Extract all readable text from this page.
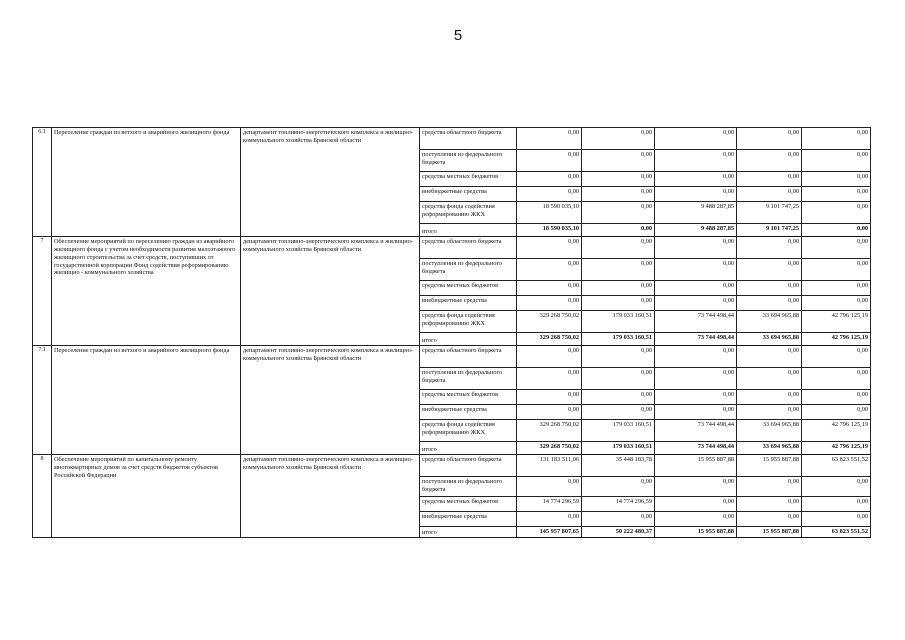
5
6.1	Переселение граждан из ветхого и аварийного жилищного фонда	департамент топливно-энергетического комплекса и жилищно-коммунального хозяйства Брянской области	средства областного бюджета	0,00	0,00	0,00	0,00	0,00
			поступления из федерального бюджета	0,00	0,00	0,00	0,00	0,00
			средства местных бюджетов	0,00	0,00	0,00	0,00	0,00
			внебюджетные средства	0,00	0,00	0,00	0,00	0,00
			средства фонда содействия реформированию ЖКХ	18 590 035,10	0,00	9 488 287,85	9 101 747,25	0,00
			итого	18 590 035,10	0,00	9 488 287,85	9 101 747,25	0,00
7	Обеспечение мероприятий по переселению граждан из аварийного жилищного фонда с учетом необходимости развития малоэтажного жилищного строительства за счет средств, поступивших от государственной корпорации Фонд содействия реформированию жилищно - коммунального хозяйства	департамент топливно-энергетического комплекса и жилищно-коммунального хозяйства Брянской области	средства областного бюджета	0,00	0,00	0,00	0,00	0,00
			поступления из федерального бюджета	0,00	0,00	0,00	0,00	0,00
			средства местных бюджетов	0,00	0,00	0,00	0,00	0,00
			внебюджетные средства	0,00	0,00	0,00	0,00	0,00
			средства фонда содействия реформированию ЖКХ	329 268 750,02	179 033 160,51	73 744 498,44	33 694 965,88	42 796 125,19
			итого	329 268 750,02	179 033 160,51	73 744 498,44	33 694 965,88	42 796 125,19
7.1	Переселение граждан из ветхого и аварийного жилищного фонда	департамент топливно-энергетического комплекса и жилищно-коммунального хозяйства Брянской области	средства областного бюджета	0,00	0,00	0,00	0,00	0,00
			поступления из федерального бюджета	0,00	0,00	0,00	0,00	0,00
			средства местных бюджетов	0,00	0,00	0,00	0,00	0,00
			внебюджетные средства	0,00	0,00	0,00	0,00	0,00
			средства фонда содействия реформированию ЖКХ	329 268 750,02	179 033 160,51	73 744 498,44	33 694 965,88	42 796 125,19
			итого	329 268 750,02	179 033 160,51	73 744 498,44	33 694 965,88	42 796 125,19
8	Обеспечение мероприятий по капитальному ремонту многоквартирных домов за счет средств бюджетов субъектов Российской Федерации	департамент топливно-энергетического комплекса и жилищно-коммунального хозяйства Брянской области	средства областного бюджета	131 183 511,06	35 448 183,78	15 955 887,88	15 955 887,88	63 823 551,52
			поступления из федерального бюджета	0,00	0,00	0,00	0,00	0,00
			средства местных бюджетов	14 774 296,59	14 774 296,59	0,00	0,00	0,00
			внебюджетные средства	0,00	0,00	0,00	0,00	0,00
			итого	145 957 807,65	50 222 480,37	15 955 887,88	15 955 887,88	63 823 551,52
